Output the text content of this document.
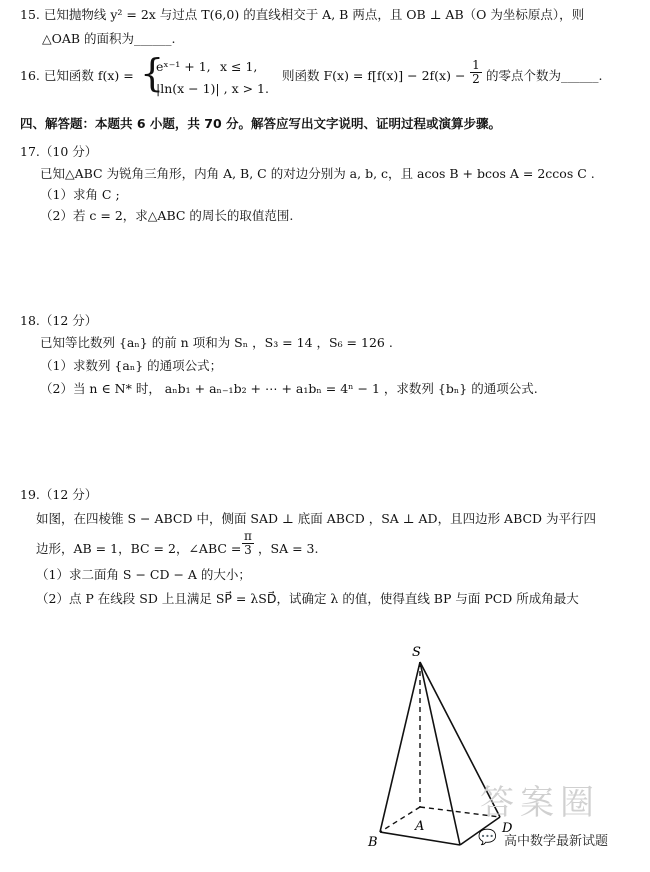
15. 已知抛物线 y² = 2x 与过点 T(6,0) 的直线相交于 A, B 两点，且 OB ⊥ AB（O 为坐标原点），则
△OAB 的面积为______.
16. 已知函数 f(x) = {
eˣ⁻¹ + 1, x ≤ 1,
|ln(x − 1)| , x > 1.
则函数 $F(x) = f[f(x)] - 2f(x) - \frac{1}{2}$ 的零点个数为______.
四、解答题：本题共 6 小题，共 70 分。解答应写出文字说明、证明过程或演算步骤。
17.（10 分）
已知△ABC 为锐角三角形，内角 A, B, C 的对边分别为 a, b, c，且 acos B + bcos A = 2ccos C .
（1）求角 C ;
（2）若 c = 2，求△ABC 的周长的取值范围.
18.（12 分）
已知等比数列 {aₙ} 的前 n 项和为 Sₙ ，S₃ = 14 ，S₆ = 126 .
（1）求数列 {aₙ} 的通项公式；
（2）当 n ∈ N* 时， aₙb₁ + aₙ₋₁b₂ + ⋯ + a₁bₙ = 4ⁿ − 1 ，求数列 {bₙ} 的通项公式.
19.（12 分）
如图，在四棱锥 S − ABCD 中，侧面 SAD ⊥ 底面 ABCD ，SA ⊥ AD，且四边形 ABCD 为平行四
边形，AB = 1，BC = 2，∠ABC = $\frac{\pi}{3}$ ，SA = 3.
（1）求二面角 S − CD − A 的大小；
（2）点 P 在线段 SD 上且满足 SP⃗ = λSD⃗，试确定 λ 的值，使得直线 BP 与面 PCD 所成角最大
S
A
B
D
答案圈
💬 高中数学最新试题
